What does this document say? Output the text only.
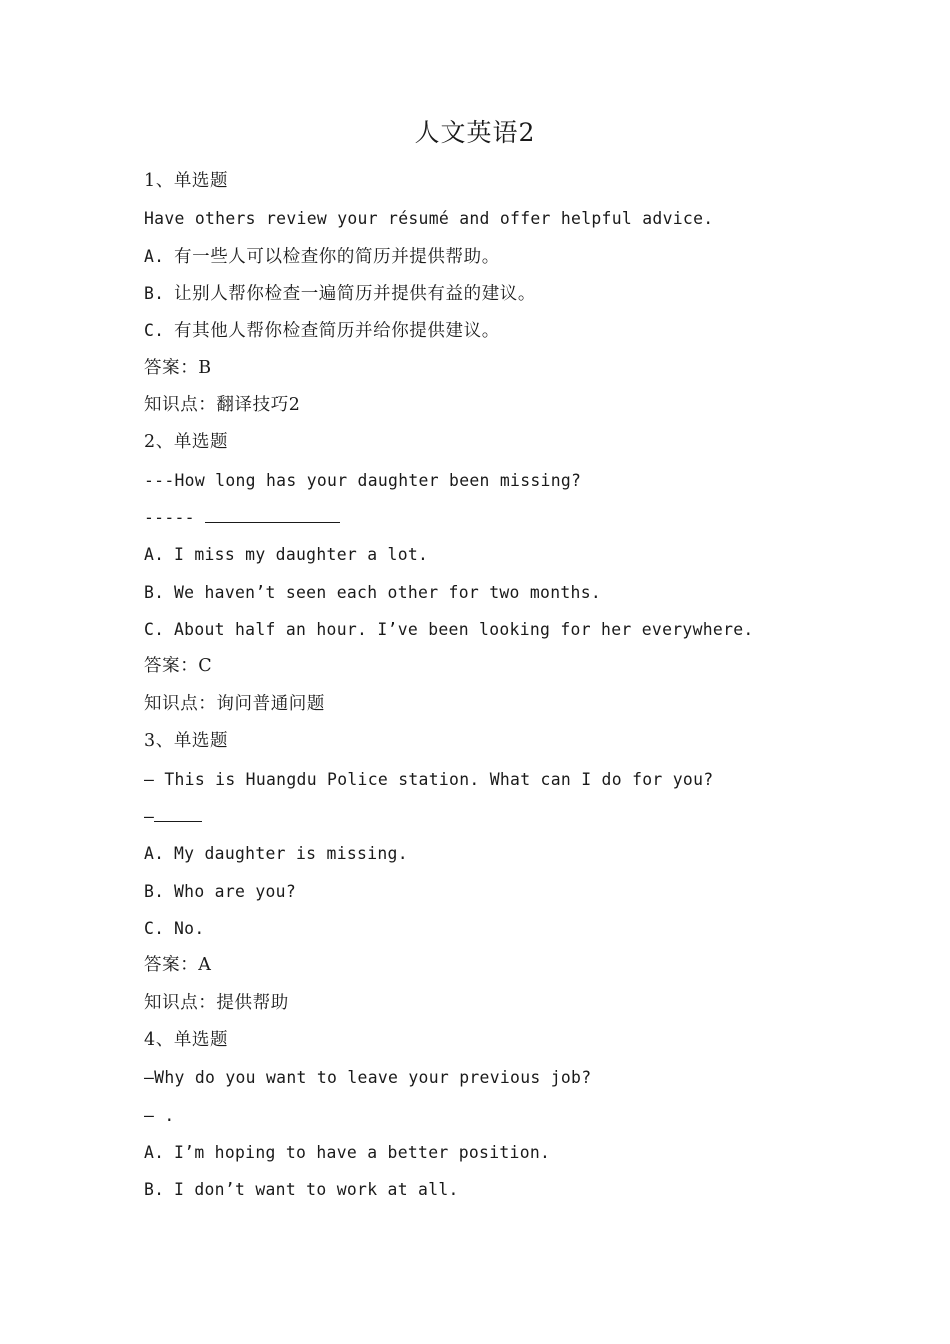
人文英语2
1、单选题
Have others review your résumé and offer helpful advice.
A. 有一些人可以检查你的简历并提供帮助。
B. 让别人帮你检查一遍简历并提供有益的建议。
C. 有其他人帮你检查简历并给你提供建议。
答案：B
知识点：翻译技巧2
2、单选题
---How long has your daughter been missing?
-----
A. I miss my daughter a lot.
B. We haven’t seen each other for two months.
C. About half an hour. I’ve been looking for her everywhere.
答案：C
知识点：询问普通问题
3、单选题
— This is Huangdu Police station. What can I do for you?
—
A. My daughter is missing.
B. Who are you?
C. No.
答案：A
知识点：提供帮助
4、单选题
—Why do you want to leave your previous job?
— .
A. I’m hoping to have a better position.
B. I don’t want to work at all.
